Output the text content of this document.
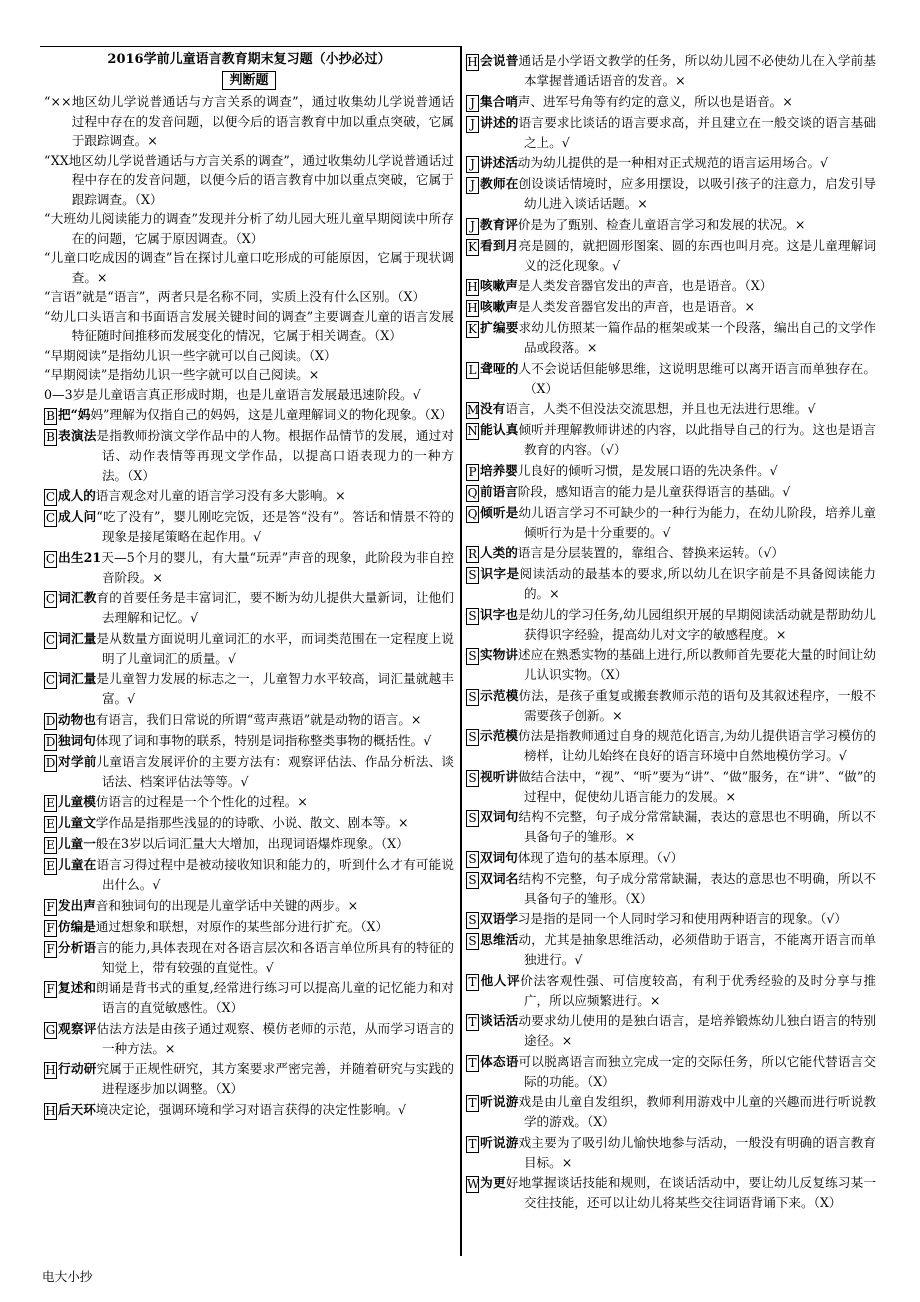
2016学前儿童语言教育期末复习题（小抄必过）
判断题

“××地区幼儿学说普通话与方言关系的调查”，通过收集幼儿学说普通话过程中存在的发音问题，以便今后的语言教育中加以重点突破，它属于跟踪调查。×

“XX地区幼儿学说普通话与方言关系的调查”，通过收集幼儿学说普通话过程中存在的发音问题，以便今后的语言教育中加以重点突破，它属于跟踪调查。（X）

“大班幼儿阅读能力的调查”发现并分析了幼儿园大班儿童早期阅读中所存在的问题，它属于原因调查。（X）

“儿童口吃成因的调查”旨在探讨儿童口吃形成的可能原因，它属于现状调查。×

“言语”就是“语言”，两者只是名称不同，实质上没有什么区别。（X）

“幼儿口头语言和书面语言发展关键时间的调查”主要调查儿童的语言发展特征随时间推移而发展变化的情况，它属于相关调查。（X）

“早期阅读”是指幼儿识一些字就可以自己阅读。（X）

“早期阅读”是指幼儿识一些字就可以自己阅读。×

0—3岁是儿童语言真正形成时期，也是儿童语言发展最迅速阶段。√

B 把“妈妈”理解为仅指自己的妈妈，这是儿童理解词义的物化现象。（X）

B 表演法是指教师扮演文学作品中的人物。根据作品情节的发展，通过对话、动作表情等再现文学作品，以提高口语表现力的一种方法。（X）

C 成人的语言观念对儿童的语言学习没有多大影响。×

C 成人问“吃了没有”，婴儿刚吃完饭，还是答“没有”。答话和情景不符的现象是接尾策略在起作用。√

C 出生21天—5个月的婴儿，有大量“玩弄”声音的现象，此阶段为非自控音阶段。×

C 词汇教育的首要任务是丰富词汇，要不断为幼儿提供大量新词，让他们去理解和记忆。√

C 词汇量是从数量方面说明儿童词汇的水平，而词类范围在一定程度上说明了儿童词汇的质量。√

C 词汇量是儿童智力发展的标志之一，儿童智力水平较高，词汇量就越丰富。√

D 动物也有语言，我们日常说的所谓“莺声燕语”就是动物的语言。×

D 独词句体现了词和事物的联系，特别是词指称整类事物的概括性。√

D 对学前儿童语言发展评价的主要方法有：观察评估法、作品分析法、谈话法、档案评估法等等。√

E 儿童模仿语言的过程是一个个性化的过程。×

E 儿童文学作品是指那些浅显的的诗歌、小说、散文、剧本等。×

E 儿童一般在3岁以后词汇量大大增加，出现词语爆炸现象。（X）

E 儿童在语言习得过程中是被动接收知识和能力的，听到什么才有可能说出什么。√

F 发出声音和独词句的出现是儿童学话中关键的两步。×

F 仿编是通过想象和联想，对原作的某些部分进行扩充。（X）

F 分析语言的能力,具体表现在对各语言层次和各语言单位所具有的特征的知觉上，带有较强的直觉性。√

F 复述和朗诵是背书式的重复,经常进行练习可以提高儿童的记忆能力和对语言的直觉敏感性。（X）

G 观察评估法方法是由孩子通过观察、模仿老师的示范，从而学习语言的一种方法。×

H 行动研究属于正规性研究，其方案要求严密完善，并随着研究与实践的进程逐步加以调整。（X）

H 后天环境决定论，强调环境和学习对语言获得的决定性影响。√

H 会说普通话是小学语文教学的任务，所以幼儿园不必使幼儿在入学前基本掌握普通话语音的发音。×

J 集合哨声、进军号角等有约定的意义，所以也是语音。×

J 讲述的语言要求比谈话的语言要求高，并且建立在一般交谈的语言基础之上。√

J 讲述活动为幼儿提供的是一种相对正式规范的语言运用场合。√

J 教师在创设谈话情境时，应多用摆设，以吸引孩子的注意力，启发引导幼儿进入谈话话题。×

J 教育评价是为了甄别、检查儿童语言学习和发展的状况。×

K 看到月亮是圆的，就把圆形图案、圆的东西也叫月亮。这是儿童理解词义的泛化现象。√

H 咳嗽声是人类发音器官发出的声音，也是语音。（X）

H 咳嗽声是人类发音器官发出的声音，也是语音。×

K 扩编要求幼儿仿照某一篇作品的框架或某一个段落，编出自己的文学作品或段落。×

L 聋哑的人不会说话但能够思维，这说明思维可以离开语言而单独存在。（X）

M没有语言，人类不但没法交流思想，并且也无法进行思维。√

N 能认真倾听并理解教师讲述的内容，以此指导自己的行为。这也是语言教育的内容。（√）

P 培养婴儿良好的倾听习惯，是发展口语的先决条件。√

Q 前语言阶段，感知语言的能力是儿童获得语言的基础。√

Q 倾听是幼儿语言学习不可缺少的一种行为能力，在幼儿阶段，培养儿童倾听行为是十分重要的。√

R 人类的语言是分层装置的，靠组合、替换来运转。（√）

S 识字是阅读活动的最基本的要求,所以幼儿在识字前是不具备阅读能力的。×

S 识字也是幼儿的学习任务,幼儿园组织开展的早期阅读活动就是帮助幼儿获得识字经验，提高幼儿对文字的敏感程度。×

S 实物讲述应在熟悉实物的基础上进行,所以教师首先要花大量的时间让幼儿认识实物。（X）

S 示范模仿法，是孩子重复或搬套教师示范的语句及其叙述程序，一般不需要孩子创新。×

S 示范模仿法是指教师通过自身的规范化语言,为幼儿提供语言学习模仿的榜样，让幼儿始终在良好的语言环境中自然地模仿学习。√

S 视听讲做结合法中，“视”、“听”要为“讲”、“做”服务，在“讲”、“做”的过程中，促使幼儿语言能力的发展。×

S 双词句结构不完整，句子成分常常缺漏，表达的意思也不明确，所以不具备句子的雏形。×

S 双词句体现了造句的基本原理。（√）

S 双词名结构不完整，句子成分常常缺漏，表达的意思也不明确，所以不具备句子的雏形。（X）

S 双语学习是指的是同一个人同时学习和使用两种语言的现象。（√）

S 思维活动，尤其是抽象思维活动，必须借助于语言，不能离开语言而单独进行。√

T 他人评价法客观性强、可信度较高，有利于优秀经验的及时分享与推广，所以应频繁进行。×

T 谈话活动要求幼儿使用的是独白语言，是培养锻炼幼儿独白语言的特别途径。×

T 体态语可以脱离语言而独立完成一定的交际任务，所以它能代替语言交际的功能。（X）

T 听说游戏是由儿童自发组织，教师利用游戏中儿童的兴趣而进行听说教学的游戏。（X）

T 听说游戏主要为了吸引幼儿愉快地参与活动，一般没有明确的语言教育目标。×

W为更好地掌握谈话技能和规则，在谈话活动中，要让幼儿反复练习某一交往技能，还可以让幼儿将某些交往词语背诵下来。（X）

电大小抄
